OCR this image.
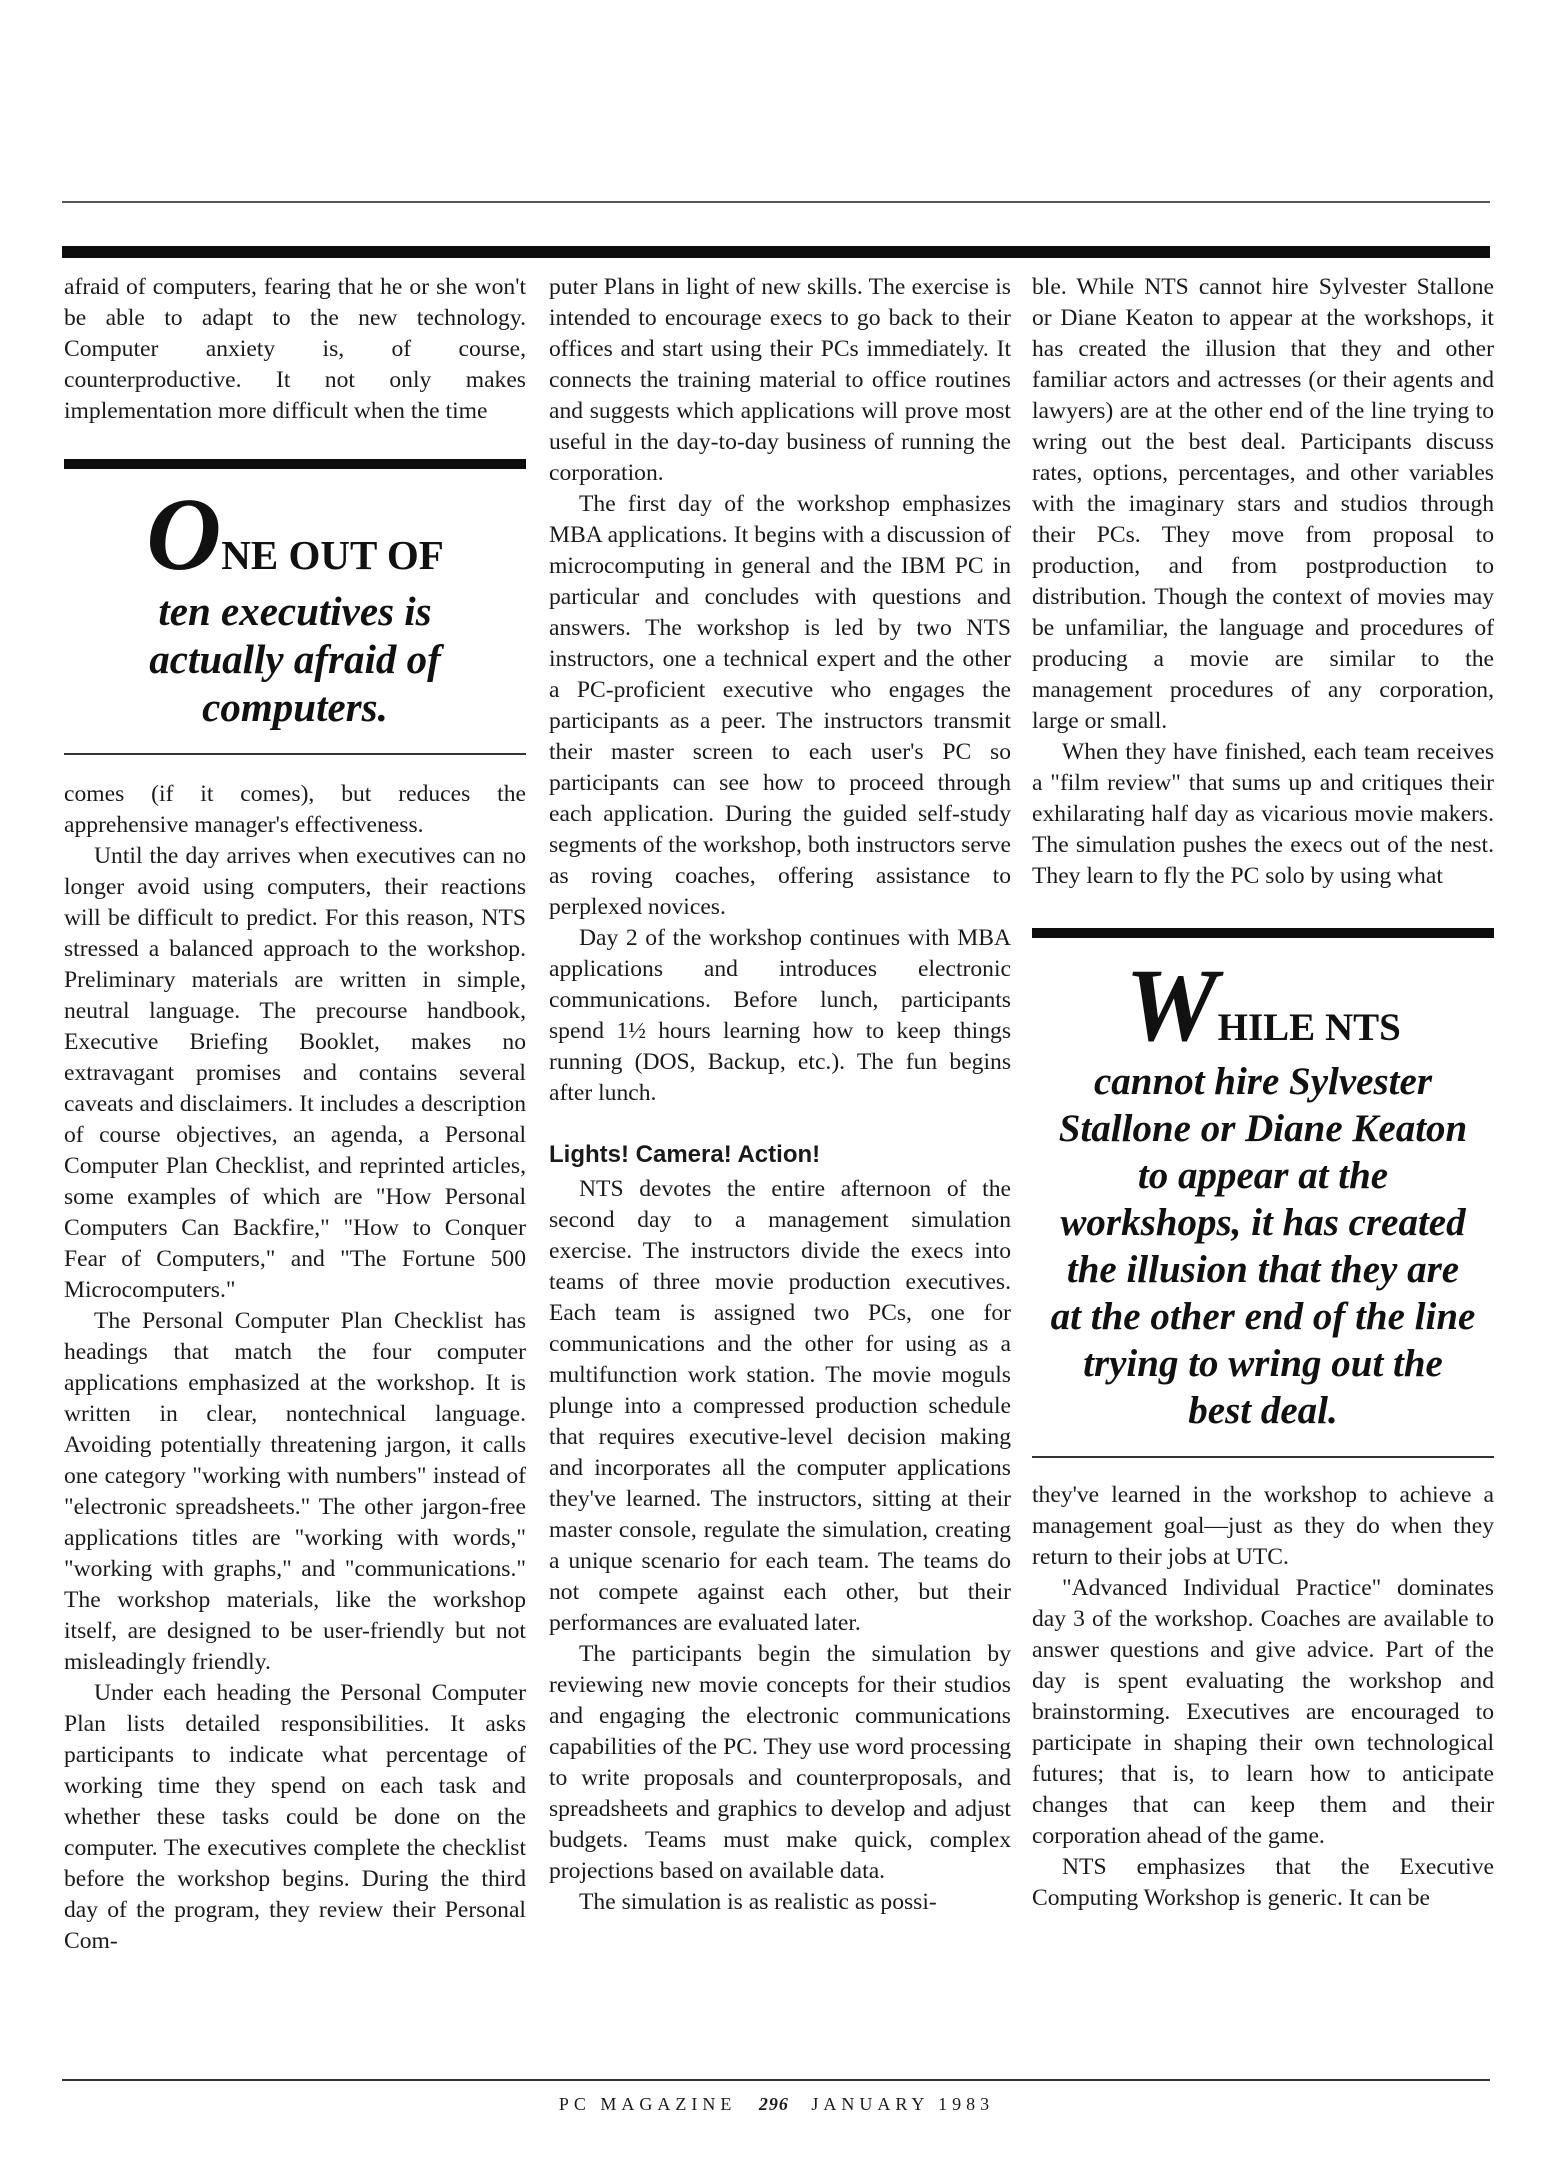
afraid of computers, fearing that he or she won't be able to adapt to the new technology. Computer anxiety is, of course, counterproductive. It not only makes implementation more difficult when the time

ONE OUT OF
ten executives is actually afraid of computers.

comes (if it comes), but reduces the apprehensive manager's effectiveness.

Until the day arrives when executives can no longer avoid using computers, their reactions will be difficult to predict. For this reason, NTS stressed a balanced approach to the workshop. Preliminary materials are written in simple, neutral language. The precourse handbook, Executive Briefing Booklet, makes no extravagant promises and contains several caveats and disclaimers. It includes a description of course objectives, an agenda, a Personal Computer Plan Checklist, and reprinted articles, some examples of which are "How Personal Computers Can Backfire," "How to Conquer Fear of Computers," and "The Fortune 500 Microcomputers."

The Personal Computer Plan Checklist has headings that match the four computer applications emphasized at the workshop. It is written in clear, nontechnical language. Avoiding potentially threatening jargon, it calls one category "working with numbers" instead of "electronic spreadsheets." The other jargon-free applications titles are "working with words," "working with graphs," and "communications." The workshop materials, like the workshop itself, are designed to be user-friendly but not misleadingly friendly.

Under each heading the Personal Computer Plan lists detailed responsibilities. It asks participants to indicate what percentage of working time they spend on each task and whether these tasks could be done on the computer. The executives complete the checklist before the workshop begins. During the third day of the program, they review their Personal Com-

puter Plans in light of new skills. The exercise is intended to encourage execs to go back to their offices and start using their PCs immediately. It connects the training material to office routines and suggests which applications will prove most useful in the day-to-day business of running the corporation.

The first day of the workshop emphasizes MBA applications. It begins with a discussion of microcomputing in general and the IBM PC in particular and concludes with questions and answers. The workshop is led by two NTS instructors, one a technical expert and the other a PC-proficient executive who engages the participants as a peer. The instructors transmit their master screen to each user's PC so participants can see how to proceed through each application. During the guided self-study segments of the workshop, both instructors serve as roving coaches, offering assistance to perplexed novices.

Day 2 of the workshop continues with MBA applications and introduces electronic communications. Before lunch, participants spend 1½ hours learning how to keep things running (DOS, Backup, etc.). The fun begins after lunch.

Lights! Camera! Action!

NTS devotes the entire afternoon of the second day to a management simulation exercise. The instructors divide the execs into teams of three movie production executives. Each team is assigned two PCs, one for communications and the other for using as a multifunction work station. The movie moguls plunge into a compressed production schedule that requires executive-level decision making and incorporates all the computer applications they've learned. The instructors, sitting at their master console, regulate the simulation, creating a unique scenario for each team. The teams do not compete against each other, but their performances are evaluated later.

The participants begin the simulation by reviewing new movie concepts for their studios and engaging the electronic communications capabilities of the PC. They use word processing to write proposals and counterproposals, and spreadsheets and graphics to develop and adjust budgets. Teams must make quick, complex projections based on available data.

The simulation is as realistic as possi-

ble. While NTS cannot hire Sylvester Stallone or Diane Keaton to appear at the workshops, it has created the illusion that they and other familiar actors and actresses (or their agents and lawyers) are at the other end of the line trying to wring out the best deal. Participants discuss rates, options, percentages, and other variables with the imaginary stars and studios through their PCs. They move from proposal to production, and from postproduction to distribution. Though the context of movies may be unfamiliar, the language and procedures of producing a movie are similar to the management procedures of any corporation, large or small.

When they have finished, each team receives a "film review" that sums up and critiques their exhilarating half day as vicarious movie makers. The simulation pushes the execs out of the nest. They learn to fly the PC solo by using what

WHILE NTS
cannot hire Sylvester Stallone or Diane Keaton to appear at the workshops, it has created the illusion that they are at the other end of the line trying to wring out the best deal.

they've learned in the workshop to achieve a management goal—just as they do when they return to their jobs at UTC.

"Advanced Individual Practice" dominates day 3 of the workshop. Coaches are available to answer questions and give advice. Part of the day is spent evaluating the workshop and brainstorming. Executives are encouraged to participate in shaping their own technological futures; that is, to learn how to anticipate changes that can keep them and their corporation ahead of the game.

NTS emphasizes that the Executive Computing Workshop is generic. It can be

PC MAGAZINE 296 JANUARY 1983
